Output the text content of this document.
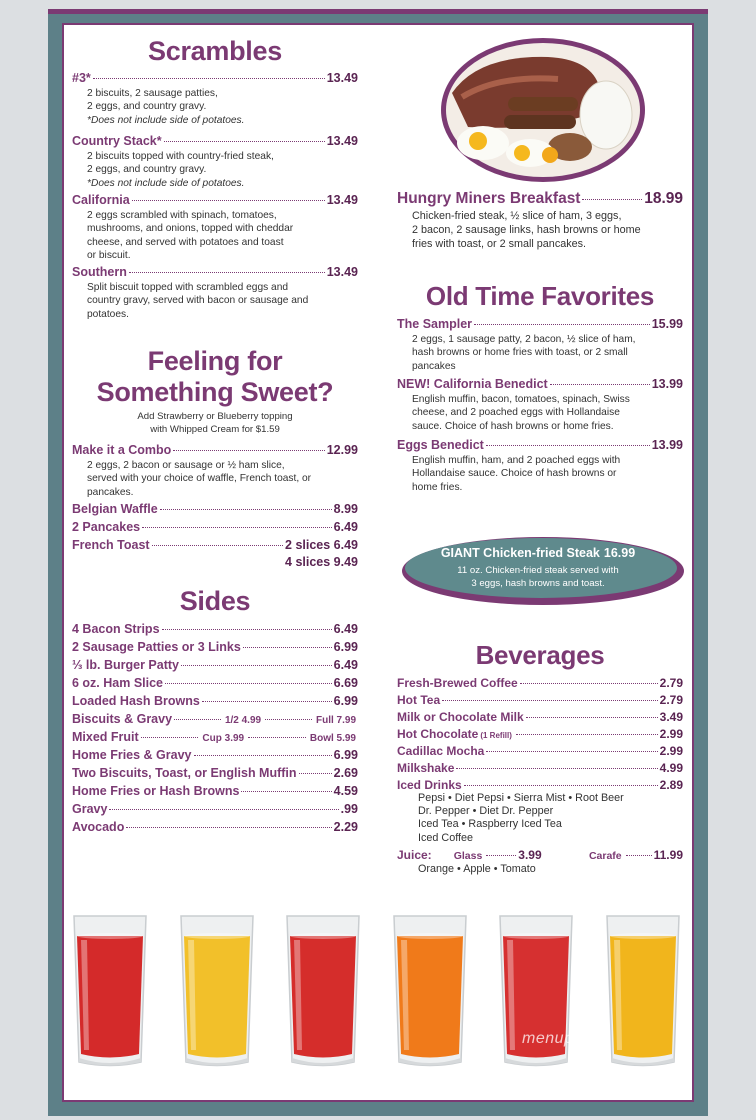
Scrambles
#3*	13.49
2 biscuits, 2 sausage patties,
2 eggs, and country gravy.
*Does not include side of potatoes.
Country Stack*	13.49
2 biscuits topped with country-fried steak,
2 eggs, and country gravy.
*Does not include side of potatoes.
California	13.49
2 eggs scrambled with spinach, tomatoes,
mushrooms, and onions, topped with cheddar
cheese, and served with potatoes and toast
or biscuit.
Southern	13.49
Split biscuit topped with scrambled eggs and
country gravy, served with bacon or sausage and
potatoes.
Feeling for
Something Sweet?
Add Strawberry or Blueberry topping
with Whipped Cream for $1.59
Make it a Combo	12.99
2 eggs, 2 bacon or sausage or ½ ham slice,
served with your choice of waffle, French toast, or
pancakes.
Belgian Waffle	8.99
2 Pancakes	6.49
French Toast	2 slices 6.49
4 slices 9.49
Sides
4 Bacon Strips	6.49
2 Sausage Patties or 3 Links	6.99
⅓ lb. Burger Patty	6.49
6 oz. Ham Slice	6.69
Loaded Hash Browns	6.99
Biscuits & Gravy	1/2 4.99	Full 7.99
Mixed Fruit	Cup 3.99	Bowl 5.99
Home Fries & Gravy	6.99
Two Biscuits, Toast, or English Muffin	2.69
Home Fries or Hash Browns	4.59
Gravy	.99
Avocado	2.29
Hungry Miners Breakfast	18.99
Chicken-fried steak, ½ slice of ham, 3 eggs,
2 bacon, 2 sausage links, hash browns or home
fries with toast, or 2 small pancakes.
Old Time Favorites
The Sampler	15.99
2 eggs, 1 sausage patty, 2 bacon, ½ slice of ham,
hash browns or home fries with toast, or 2 small
pancakes
NEW! California Benedict	13.99
English muffin, bacon, tomatoes, spinach, Swiss
cheese, and 2 poached eggs with Hollandaise
sauce. Choice of hash browns or home fries.
Eggs Benedict	13.99
English muffin, ham, and 2 poached eggs with
Hollandaise sauce. Choice of hash browns or
home fries.
GIANT Chicken-fried Steak 16.99
11 oz. Chicken-fried steak served with
3 eggs, hash browns and toast.
Beverages
Fresh-Brewed Coffee	2.79
Hot Tea	2.79
Milk or Chocolate Milk	3.49
Hot Chocolate (1 Refill)	2.99
Cadillac Mocha	2.99
Milkshake	4.99
Iced Drinks	2.89
Pepsi • Diet Pepsi • Sierra Mist • Root Beer
Dr. Pepper • Diet Dr. Pepper
Iced Tea • Raspberry Iced Tea
Iced Coffee
Juice: Glass	3.99	Carafe	11.99
Orange • Apple • Tomato
menupix
